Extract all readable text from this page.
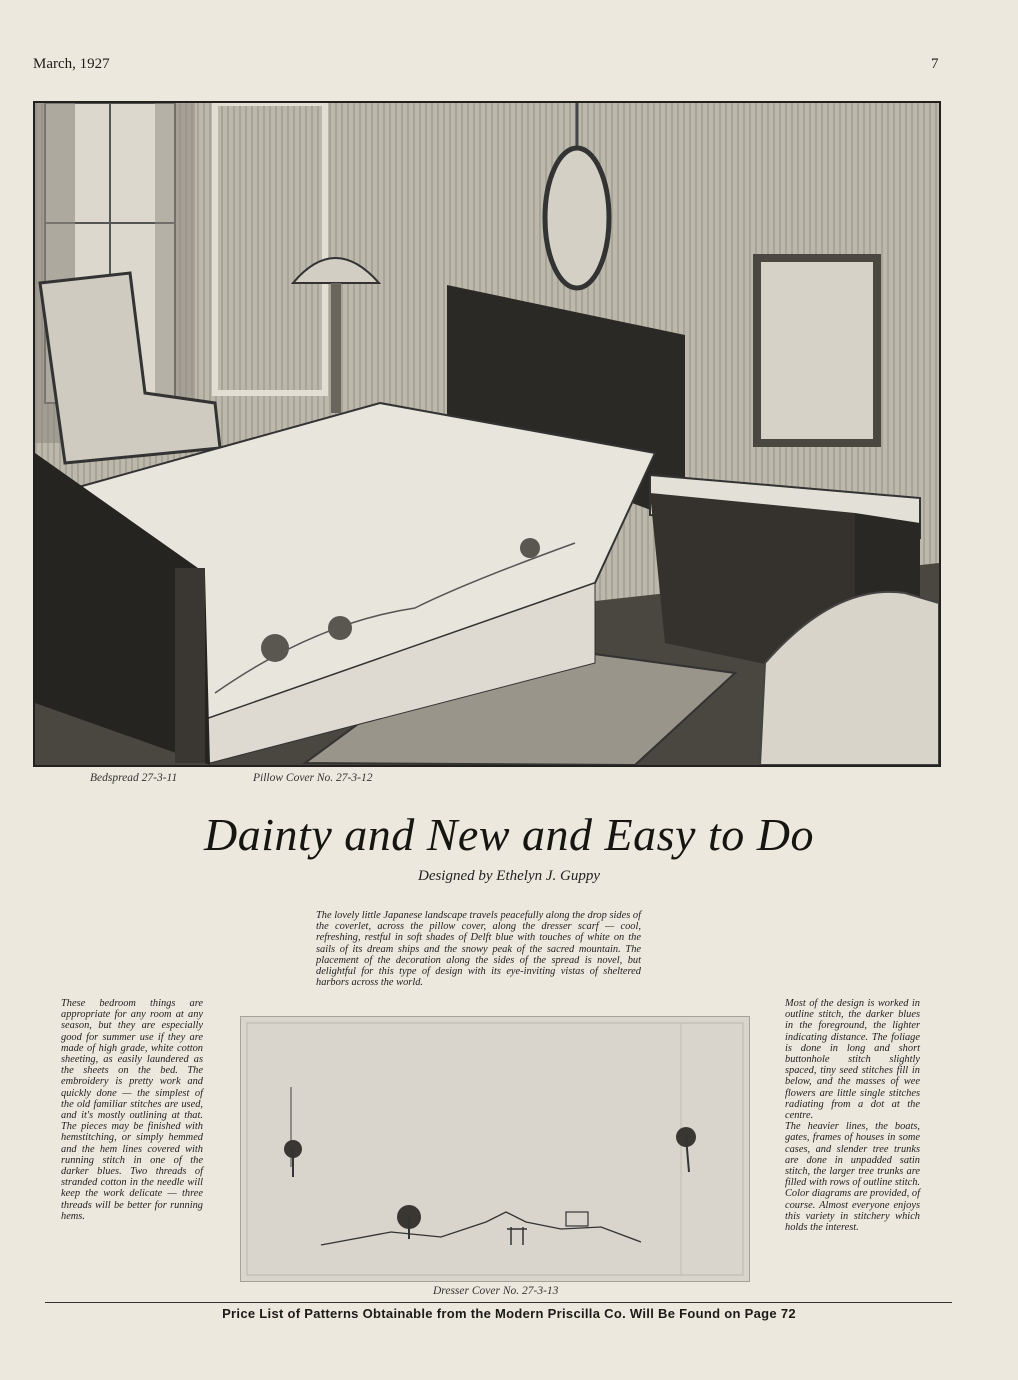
March, 1927	7
Bedspread 27-3-11	Pillow Cover No. 27-3-12
Dainty and New and Easy to Do
Designed by Ethelyn J. Guppy

The lovely little Japanese landscape travels peacefully along the drop sides of the coverlet, across the pillow cover, along the dresser scarf — cool, refreshing, restful in soft shades of Delft blue with touches of white on the sails of its dream ships and the snowy peak of the sacred mountain. The placement of the decoration along the sides of the spread is novel, but delightful for this type of design with its eye-inviting vistas of sheltered harbors across the world.

These bedroom things are appropriate for any room at any season, but they are especially good for summer use if they are made of high grade, white cotton sheeting, as easily laundered as the sheets on the bed. The embroidery is pretty work and quickly done — the simplest of the old familiar stitches are used, and it's mostly outlining at that. The pieces may be finished with hemstitching, or simply hemmed and the hem lines covered with running stitch in one of the darker blues. Two threads of stranded cotton in the needle will keep the work delicate — three threads will be better for running hems.

Most of the design is worked in outline stitch, the darker blues in the foreground, the lighter indicating distance. The foliage is done in long and short buttonhole stitch slightly spaced, tiny seed stitches fill in below, and the masses of wee flowers are little single stitches radiating from a dot at the centre.

The heavier lines, the boats, gates, frames of houses in some cases, and slender tree trunks are done in unpadded satin stitch, the larger tree trunks are filled with rows of outline stitch. Color diagrams are provided, of course. Almost everyone enjoys this variety in stitchery which holds the interest.

Dresser Cover No. 27-3-13
Price List of Patterns Obtainable from the Modern Priscilla Co. Will Be Found on Page 72
